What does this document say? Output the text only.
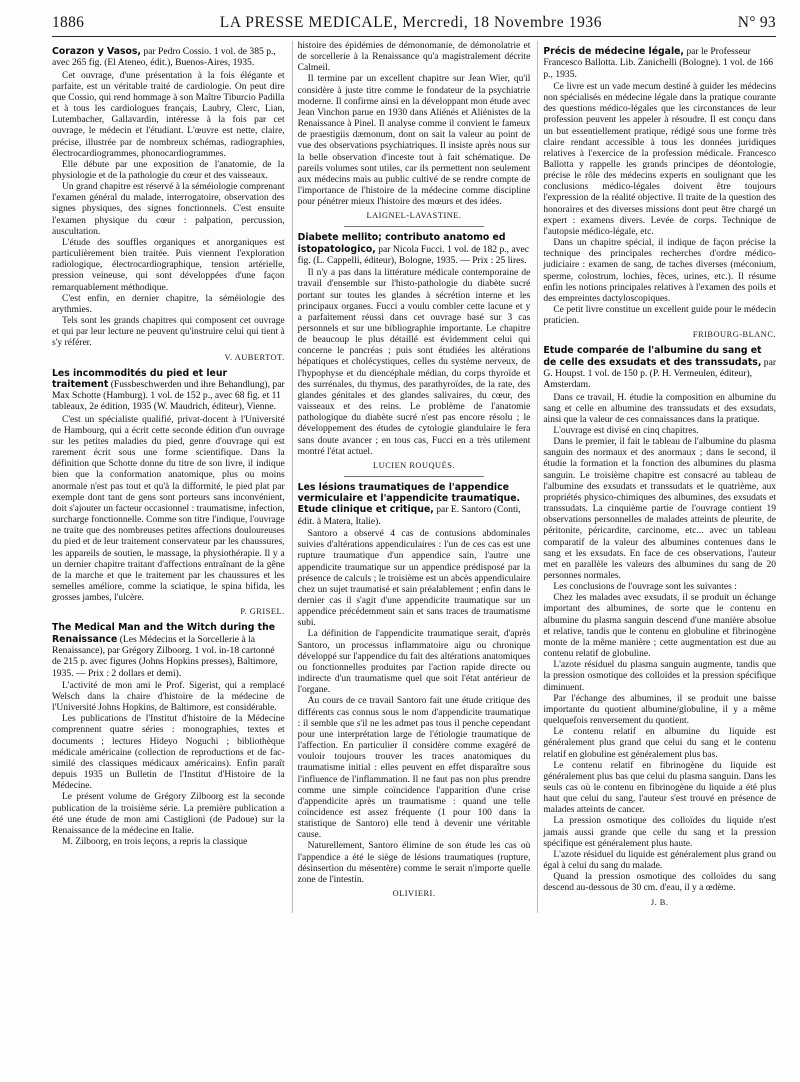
1886	LA PRESSE MEDICALE, Mercredi, 18 Novembre 1936	N° 93
Corazon y Vasos, par Pedro Cossio. 1 vol. de 385 p., avec 265 fig. (El Ateneo, édit.), Buenos-Aires, 1935.

Cet ouvrage, d'une présentation à la fois élégante et parfaite, est un véritable traité de cardiologie. On peut dire que Cossio, qui rend hommage à son Maître Tiburcio Padilla et à tous les cardiologues français, Laubry, Clerc, Lian, Lutembacher, Gallavardin, intéresse à la fois par cet ouvrage, le médecin et l'étudiant. L'œuvre est nette, claire, précise, illustrée par de nombreux schémas, radiographies, électrocardiogrammes, phonocardiogrammes.

Elle débute par une exposition de l'anatomie, de la physiologie et de la pathologie du cœur et des vaisseaux.

Un grand chapitre est réservé à la séméiologie comprenant l'examen général du malade, interrogatoire, observation des signes physiques, des signes fonctionnels. C'est ensuite l'examen physique du cœur : palpation, percussion, auscultation.

L'étude des souffles organiques et anorganiques est particulièrement bien traitée. Puis viennent l'exploration radiologique, électrocardiographique, tension artérielle, pression veineuse, qui sont développées d'une façon remarquablement méthodique.

C'est enfin, en dernier chapitre, la séméiologie des arythmies.

Tels sont les grands chapitres qui composent cet ouvrage et qui par leur lecture ne peuvent qu'instruire celui qui tient à s'y référer.

V. AUBERTOT.
Les incommodités du pied et leur traitement (Fussbeschwerden und ihre Behandlung), par Max Schotte (Hamburg). 1 vol. de 152 p., avec 68 fig. et 11 tableaux, 2e édition, 1935 (W. Maudrich, éditeur), Vienne.

C'est un spécialiste qualifié, privat-docent à l'Université de Hambourg, qui a écrit cette seconde édition d'un ouvrage sur les petites maladies du pied, genre d'ouvrage qui est rarement écrit sous une forme scientifique. Dans la définition que Schotte donne du titre de son livre, il indique bien que la conformation anatomique, plus ou moins anormale n'est pas tout et qu'à la difformité, le pied plat par exemple dont tant de gens sont porteurs sans inconvénient, doit s'ajouter un facteur occasionnel : traumatisme, infection, surcharge fonctionnelle. Comme son titre l'indique, l'ouvrage ne traite que des nombreuses petites affections douloureuses du pied et de leur traitement conservateur par les chaussures, les appareils de soutien, le massage, la physiothérapie. Il y a un dernier chapitre traitant d'affections entraînant de la gêne de la marche et que le traitement par les chaussures et les semelles améliore, comme la sciatique, le spina bifida, les grosses jambes, l'ulcère.

P. GRISEL.
The Medical Man and the Witch during the Renaissance (Les Médecins et la Sorcellerie à la Renaissance), par Grégory Zilboorg. 1 vol. in-18 cartonné de 215 p. avec figures (Johns Hopkins presses), Baltimore, 1935. — Prix : 2 dollars et demi).

L'activité de mon ami le Prof. Sigerist, qui a remplacé Welsch dans la chaire d'histoire de la médecine de l'Université Johns Hopkins, de Baltimore, est considérable.

Les publications de l'Institut d'histoire de la Médecine comprennent quatre séries : monographies, textes et documents ; lectures Hideyo Noguchi ; bibliothèque médicale américaine (collection de reproductions et de fac-similé des classiques médicaux américains). Enfin paraît depuis 1935 un Bulletin de l'Institut d'Histoire de la Médecine.

Le présent volume de Grégory Zilboorg est la seconde publication de la troisième série. La première publication a été une étude de mon ami Castiglioni (de Padoue) sur la Renaissance de la médecine en Italie.

M. Zilboorg, en trois leçons, a repris la classique

histoire des épidémies de démonomanie, de démonolatrie et de sorcellerie à la Renaissance qu'a magistralement décrite Calmeil.

Il termine par un excellent chapitre sur Jean Wier, qu'il considère à juste titre comme le fondateur de la psychiatrie moderne. Il confirme ainsi en la développant mon étude avec Jean Vinchon parue en 1930 dans Aliénés et Aliénistes de la Renaissance à Pinel. Il analyse comme il convient le fameux de praestigiis dæmonum, dont on sait la valeur au point de vue des observations psychiatriques. Il insiste après nous sur la belle observation d'inceste tout à fait schématique. De pareils volumes sont utiles, car ils permettent non seulement aux médecins mais au public cultivé de se rendre compte de l'importance de l'histoire de la médecine comme discipline pour pénétrer mieux l'histoire des mœurs et des idées.

LAIGNEL-LAVASTINE.
Diabete mellito; contributo anatomo ed istopatologico, par Nicola Fucci. 1 vol. de 182 p., avec fig. (L. Cappelli, éditeur), Bologne, 1935. — Prix : 25 lires.

Il n'y a pas dans la littérature médicale contemporaine de travail d'ensemble sur l'histo-pathologie du diabète sucré portant sur toutes les glandes à sécrétion interne et les principaux organes. Fucci a voulu combler cette lacune et y a parfaitement réussi dans cet ouvrage basé sur 3 cas personnels et sur une bibliographie importante. Le chapitre de beaucoup le plus détaillé est évidemment celui qui concerne le pancréas ; puis sont étudiées les altérations hépatiques et cholécystiques, celles du système nerveux, de l'hypophyse et du diencéphale médian, du corps thyroïde et des surrénales, du thymus, des parathyroïdes, de la rate, des glandes génitales et des glandes salivaires, du cœur, des vaisseaux et des reins. Le problème de l'anatomie pathologique du diabète sucré n'est pas encore résolu ; le développement des études de cytologie glandulaire le fera sans doute avancer ; en tous cas, Fucci en a très utilement montré l'état actuel.

LUCIEN ROUQUÈS.
Les lésions traumatiques de l'appendice vermiculaire et l'appendicite traumatique. Etude clinique et critique, par E. Santoro (Conti, édit. à Matera, Italie).

Santoro a observé 4 cas de contusions abdominales suivies d'altérations appendiculaires : l'un de ces cas est une rupture traumatique d'un appendice sain, l'autre une appendicite traumatique sur un appendice prédisposé par la présence de calculs ; le troisième est un abcès appendiculaire chez un sujet traumatisé et sain préalablement ; enfin dans le dernier cas il s'agit d'une appendicite traumatique sur un appendice précédemment sain et sans traces de traumatisme subi.

La définition de l'appendicite traumatique serait, d'après Santoro, un processus inflammatoire aigu ou chronique développé sur l'appendice du fait des altérations anatomiques ou fonctionnelles produites par l'action rapide directe ou indirecte d'un traumatisme quel que soit l'état antérieur de l'organe.

Au cours de ce travail Santoro fait une étude critique des différents cas connus sous le nom d'appendicite traumatique : il semble que s'il ne les admet pas tous il penche cependant pour une interprétation large de l'étiologie traumatique de l'affection. En particulier il considère comme exagéré de vouloir toujours trouver les traces anatomiques du traumatisme initial : elles peuvent en effet disparaître sous l'influence de l'inflammation. Il ne faut pas non plus prendre comme une simple coïncidence l'apparition d'une crise d'appendicite après un traumatisme : quand une telle coïncidence est assez fréquente (1 pour 100 dans la statistique de Santoro) elle tend à devenir une véritable cause.

Naturellement, Santoro élimine de son étude les cas où l'appendice a été le siège de lésions traumatiques (rupture, désinsertion du mésentère) comme le serait n'importe quelle zone de l'intestin.

OLIVIERI.
Précis de médecine légale, par le Professeur Francesco Ballotta. Lib. Zanichelli (Bologne). 1 vol. de 166 p., 1935.

Ce livre est un vade mecum destiné à guider les médecins non spécialisés en médecine légale dans la pratique courante des questions médico-légales que les circonstances de leur profession peuvent les appeler à résoudre. Il est conçu dans un but essentiellement pratique, rédigé sous une forme très claire rendant accessible à tous les données juridiques relatives à l'exercice de la profession médicale. Francesco Ballotta y rappelle les grands principes de déontologie, précise le rôle des médecins experts en soulignant que les conclusions médico-légales doivent être toujours l'expression de la réalité objective. Il traite de la question des honoraires et des diverses missions dont peut être chargé un expert : examens divers. Levée de corps. Technique de l'autopsie médico-légale, etc.

Dans un chapitre spécial, il indique de façon précise la technique des principales recherches d'ordre médico-judiciaire : examen de sang, de taches diverses (méconium, sperme, colostrum, lochies, fèces, urines, etc.). Il résume enfin les notions principales relatives à l'examen des poils et des empreintes dactyloscopiques.

Ce petit livre constitue un excellent guide pour le médecin praticien.

FRIBOURG-BLANC.
Etude comparée de l'albumine du sang et de celle des exsudats et des transsudats, par G. Houpst. 1 vol. de 150 p. (P. H. Vermeulen, éditeur), Amsterdam.

Dans ce travail, H. étudie la composition en albumine du sang et celle en albumine des transsudats et des exsudats, ainsi que la valeur de ces connaissances dans la pratique.

L'ouvrage est divisé en cinq chapitres.

Dans le premier, il fait le tableau de l'albumine du plasma sanguin des normaux et des anormaux ; dans le second, il étudie la formation et la fonction des albumines du plasma sanguin. Le troisième chapitre est consacré au tableau de l'albumine des exsudats et transsudats et le quatrième, aux propriétés physico-chimiques des albumines, des exsudats et transsudats. La cinquième partie de l'ouvrage contient 19 observations personnelles de malades atteints de pleurite, de péritonite, péricardite, carcinome, etc... avec un tableau comparatif de la valeur des albumines contenues dans le sang et les exsudats. En face de ces observations, l'auteur met en parallèle les valeurs des albumines du sang de 20 personnes normales.

Les conclusions de l'ouvrage sont les suivantes :

Chez les malades avec exsudats, il se produit un échange important des albumines, de sorte que le contenu en albumine du plasma sanguin descend d'une manière absolue et relative, tandis que le contenu en globuline et fibrinogène monte de la même manière ; cette augmentation est due au contenu relatif de globuline.

L'azote résiduel du plasma sanguin augmente, tandis que la pression osmotique des colloïdes et la pression spécifique diminuent.

Par l'échange des albumines, il se produit une baisse importante du quotient albumine/globuline, il y a même quelquefois renversement du quotient.

Le contenu relatif en albumine du liquide est généralement plus grand que celui du sang et le contenu relatif en globuline est généralement plus bas.

Le contenu relatif en fibrinogène du liquide est généralement plus bas que celui du plasma sanguin. Dans les seuls cas où le contenu en fibrinogène du liquide a été plus haut que celui du sang, l'auteur s'est trouvé en présence de malades atteints de cancer.

La pression osmotique des colloïdes du liquide n'est jamais aussi grande que celle du sang et la pression spécifique est généralement plus haute.

L'azote résiduel du liquide est généralement plus grand ou égal à celui du sang du malade.

Quand la pression osmotique des colloïdes du sang descend au-dessous de 30 cm. d'eau, il y a œdème.

J. B.
